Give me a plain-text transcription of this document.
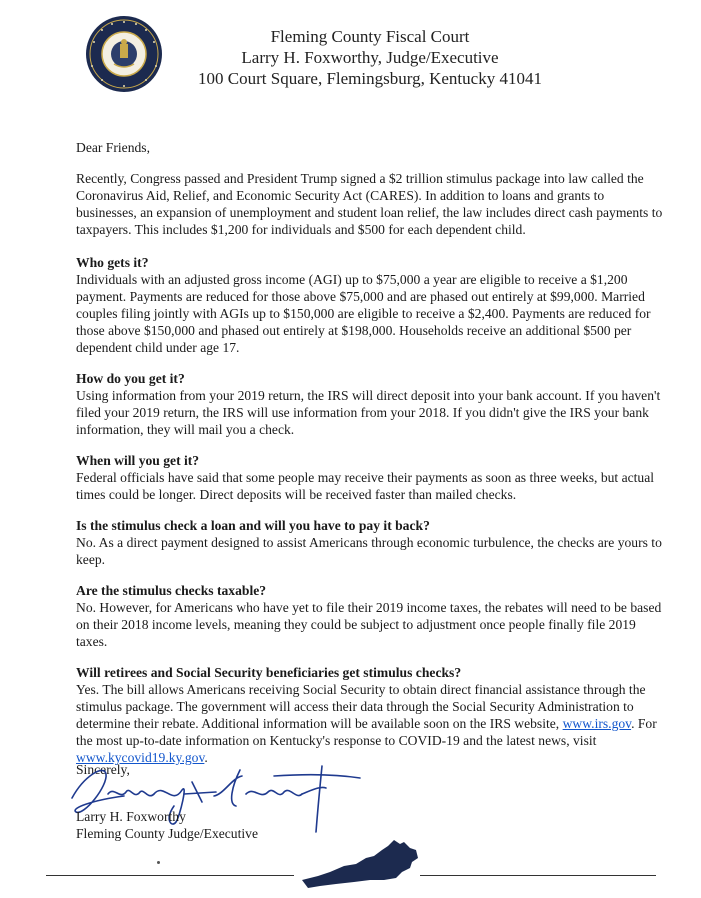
Fleming County Fiscal Court
Larry H. Foxworthy, Judge/Executive
100 Court Square, Flemingsburg, Kentucky 41041

Dear Friends,

Recently, Congress passed and President Trump signed a $2 trillion stimulus package into law called the Coronavirus Aid, Relief, and Economic Security Act (CARES). In addition to loans and grants to businesses, an expansion of unemployment and student loan relief, the law includes direct cash payments to taxpayers. This includes $1,200 for individuals and $500 for each dependent child.

Who gets it?

Individuals with an adjusted gross income (AGI) up to $75,000 a year are eligible to receive a $1,200 payment. Payments are reduced for those above $75,000 and are phased out entirely at $99,000. Married couples filing jointly with AGIs up to $150,000 are eligible to receive a $2,400. Payments are reduced for those above $150,000 and phased out entirely at $198,000. Households receive an additional $500 per dependent child under age 17.

How do you get it?

Using information from your 2019 return, the IRS will direct deposit into your bank account. If you haven't filed your 2019 return, the IRS will use information from your 2018. If you didn't give the IRS your bank information, they will mail you a check.

When will you get it?

Federal officials have said that some people may receive their payments as soon as three weeks, but actual times could be longer. Direct deposits will be received faster than mailed checks.

Is the stimulus check a loan and will you have to pay it back?

No. As a direct payment designed to assist Americans through economic turbulence, the checks are yours to keep.

Are the stimulus checks taxable?

No. However, for Americans who have yet to file their 2019 income taxes, the rebates will need to be based on their 2018 income levels, meaning they could be subject to adjustment once people finally file 2019 taxes.

Will retirees and Social Security beneficiaries get stimulus checks?

Yes. The bill allows Americans receiving Social Security to obtain direct financial assistance through the stimulus package. The government will access their data through the Social Security Administration to determine their rebate. Additional information will be available soon on the IRS website, www.irs.gov. For the most up-to-date information on Kentucky's response to COVID-19 and the latest news, visit www.kycovid19.ky.gov.

Sincerely,
Larry H. Foxworthy
Fleming County Judge/Executive
